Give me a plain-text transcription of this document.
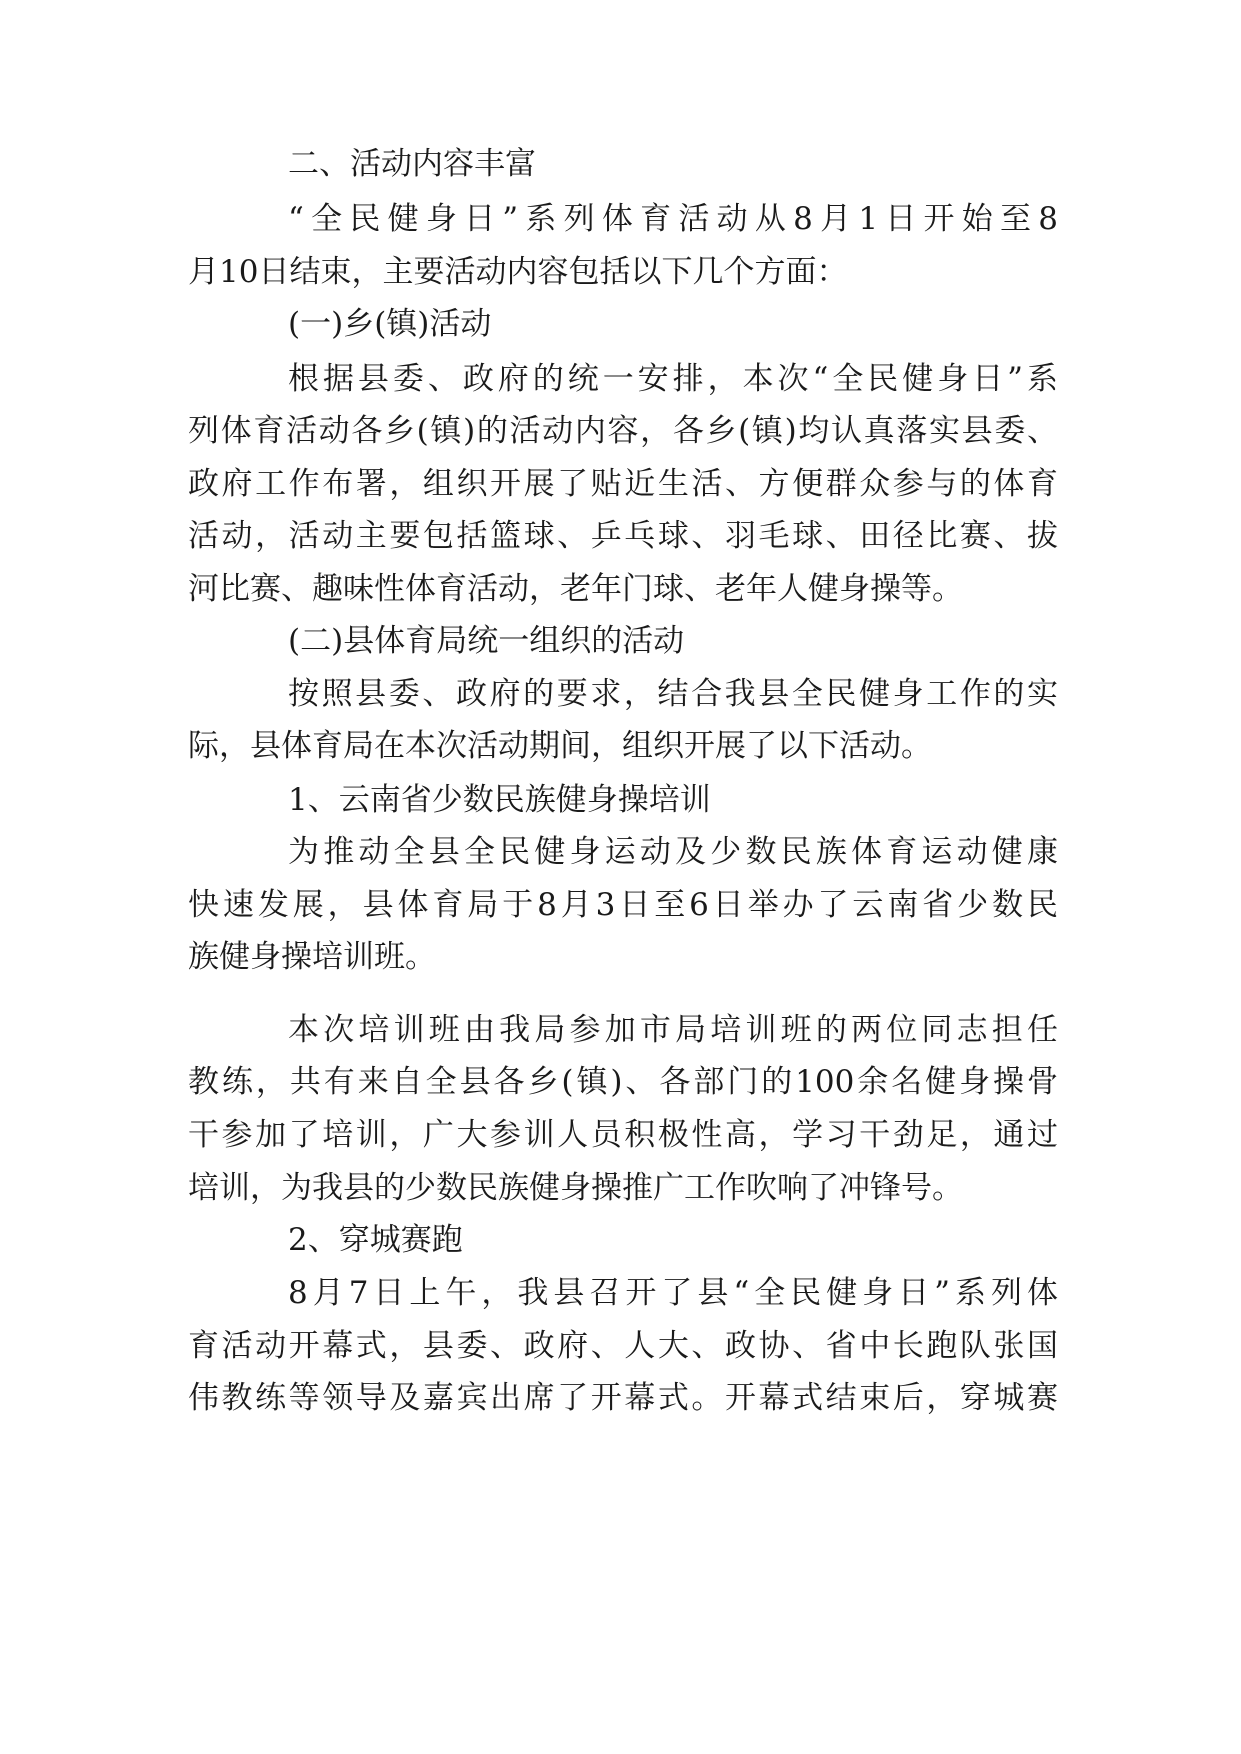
二、活动内容丰富
“全民健身日”系列体育活动从8月1日开始至8
月10日结束，主要活动内容包括以下几个方面：
(一)乡(镇)活动
根据县委、政府的统一安排，本次“全民健身日”系
列体育活动各乡(镇)的活动内容，各乡(镇)均认真落实县委、
政府工作布署，组织开展了贴近生活、方便群众参与的体育
活动，活动主要包括篮球、乒乓球、羽毛球、田径比赛、拔
河比赛、趣味性体育活动，老年门球、老年人健身操等。
(二)县体育局统一组织的活动
按照县委、政府的要求，结合我县全民健身工作的实
际，县体育局在本次活动期间，组织开展了以下活动。
1、云南省少数民族健身操培训
为推动全县全民健身运动及少数民族体育运动健康
快速发展，县体育局于8月3日至6日举办了云南省少数民
族健身操培训班。
本次培训班由我局参加市局培训班的两位同志担任
教练，共有来自全县各乡(镇)、各部门的100余名健身操骨
干参加了培训，广大参训人员积极性高，学习干劲足，通过
培训，为我县的少数民族健身操推广工作吹响了冲锋号。
2、穿城赛跑
8月7日上午，我县召开了县“全民健身日”系列体
育活动开幕式，县委、政府、人大、政协、省中长跑队张国
伟教练等领导及嘉宾出席了开幕式。开幕式结束后，穿城赛
